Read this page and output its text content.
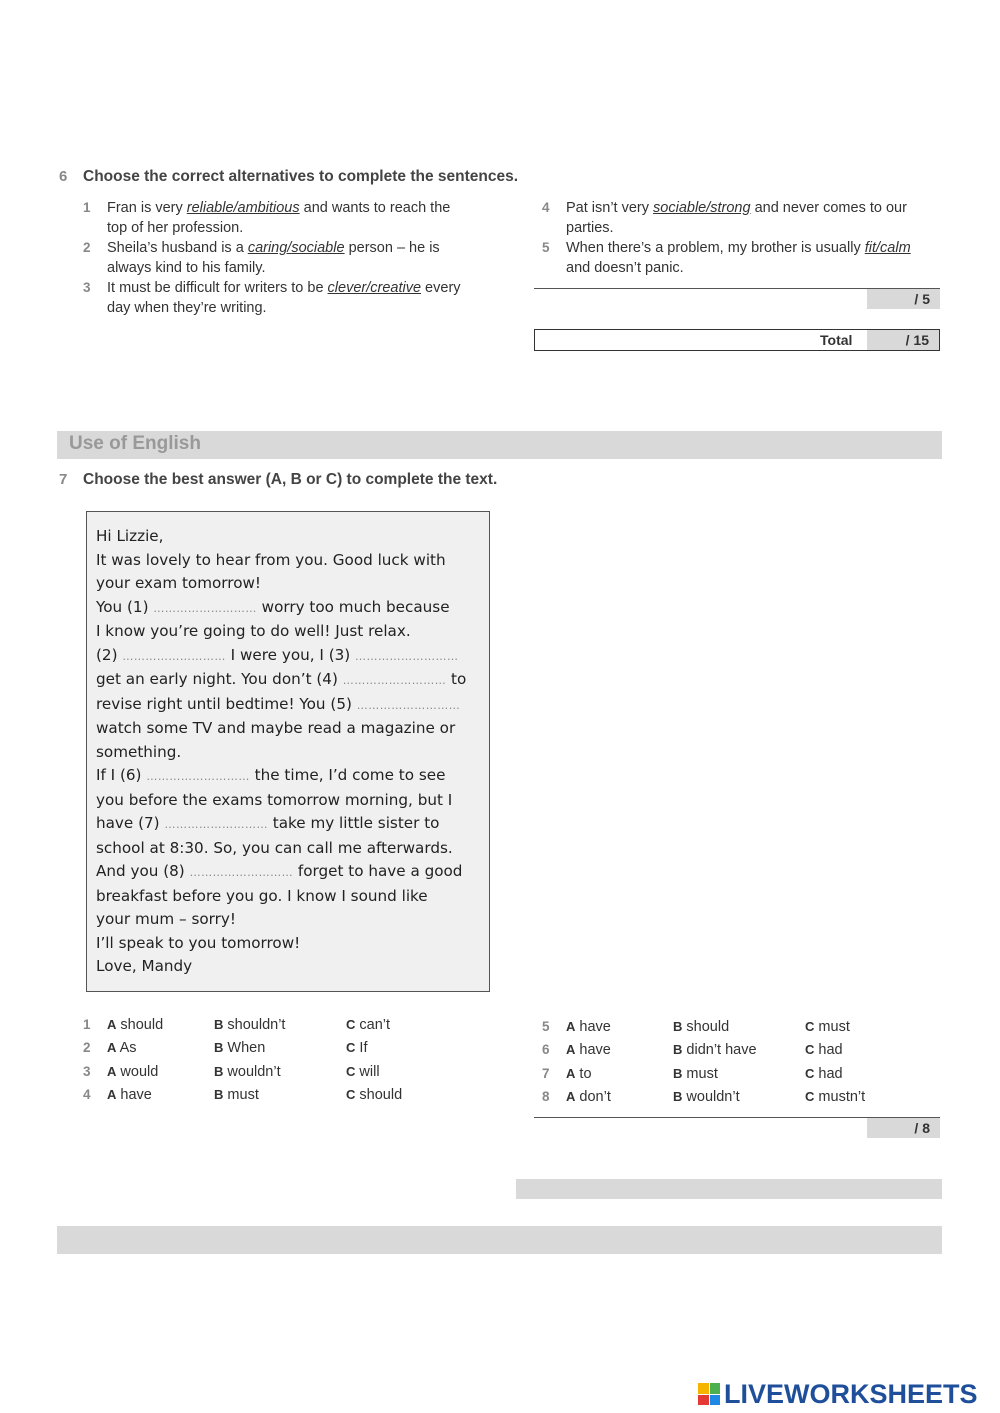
6 Choose the correct alternatives to complete the sentences.
1 Fran is very reliable/ambitious and wants to reach the
top of her profession.
2 Sheila’s husband is a caring/sociable person – he is
always kind to his family.
3 It must be difficult for writers to be clever/creative every
day when they’re writing.
4 Pat isn’t very sociable/strong and never comes to our
parties.
5 When there’s a problem, my brother is usually fit/calm
and doesn’t panic.
/ 5
Total	/ 15
Use of English
7 Choose the best answer (A, B or C) to complete the text.
Hi Lizzie,
It was lovely to hear from you. Good luck with
your exam tomorrow!
You (1) ……………………… worry too much because
I know you’re going to do well! Just relax.
(2) ……………………… I were you, I (3) ………………………
get an early night. You don’t (4) ……………………… to
revise right until bedtime! You (5) ………………………
watch some TV and maybe read a magazine or
something.
If I (6) ……………………… the time, I’d come to see
you before the exams tomorrow morning, but I
have (7) ……………………… take my little sister to
school at 8:30. So, you can call me afterwards.
And you (8) ……………………… forget to have a good
breakfast before you go. I know I sound like
your mum – sorry!
I’ll speak to you tomorrow!
Love, Mandy
1 A should	B shouldn’t	C can’t
2 A As	B When	C If
3 A would	B wouldn’t	C will
4 A have	B must	C should
5 A have	B should	C must
6 A have	B didn’t have	C had
7 A to	B must	C had
8 A don’t	B wouldn’t	C mustn’t
/ 8
LIVEWORKSHEETS
